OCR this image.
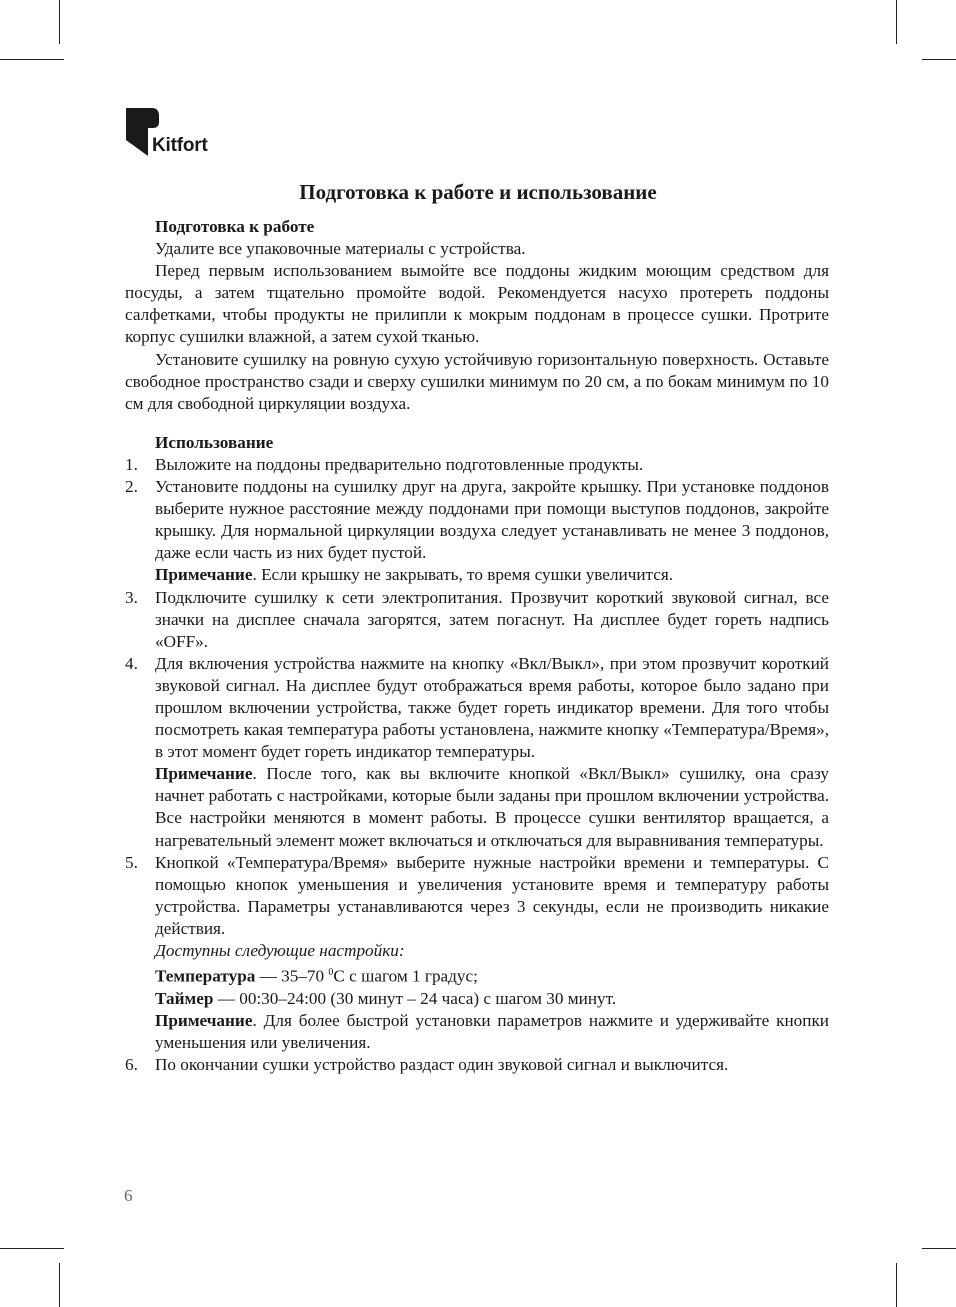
Kitfort
Подготовка к работе и использование

Подготовка к работе

Удалите все упаковочные материалы с устройства.

Перед первым использованием вымойте все поддоны жидким моющим средством для посуды, а затем тщательно промойте водой. Рекомендуется насухо протереть поддоны салфетками, чтобы продукты не прилипли к мокрым поддонам в процессе сушки. Протрите корпус сушилки влажной, а затем сухой тканью.

Установите сушилку на ровную сухую устойчивую горизонтальную поверхность. Оставьте свободное пространство сзади и сверху сушилки минимум по 20 см, а по бокам минимум по 10 см для свободной циркуляции воздуха.

Использование

1. Выложите на поддоны предварительно подготовленные продукты.

2. Установите поддоны на сушилку друг на друга, закройте крышку. При установке поддонов выберите нужное расстояние между поддонами при помощи выступов поддонов, закройте крышку. Для нормальной циркуляции воздуха следует устанавливать не менее 3 поддонов, даже если часть из них будет пустой.

Примечание. Если крышку не закрывать, то время сушки увеличится.

3. Подключите сушилку к сети электропитания. Прозвучит короткий звуковой сигнал, все значки на дисплее сначала загорятся, затем погаснут. На дисплее будет гореть надпись «OFF».

4. Для включения устройства нажмите на кнопку «Вкл/Выкл», при этом прозвучит короткий звуковой сигнал. На дисплее будут отображаться время работы, которое было задано при прошлом включении устройства, также будет гореть индикатор времени. Для того чтобы посмотреть какая температура работы установлена, нажмите кнопку «Температура/Время», в этот момент будет гореть индикатор температуры.

Примечание. После того, как вы включите кнопкой «Вкл/Выкл» сушилку, она сразу начнет работать с настройками, которые были заданы при прошлом включении устройства. Все настройки меняются в момент работы. В процессе сушки вентилятор вращается, а нагревательный элемент может включаться и отключаться для выравнивания температуры.

5. Кнопкой «Температура/Время» выберите нужные настройки времени и температуры. С помощью кнопок уменьшения и увеличения установите время и температуру работы устройства. Параметры устанавливаются через 3 секунды, если не производить никакие действия.

Доступны следующие настройки:

Температура — 35–70 $^0$С с шагом 1 градус;

Таймер — 00:30–24:00 (30 минут – 24 часа) с шагом 30 минут.

Примечание. Для более быстрой установки параметров нажмите и удерживайте кнопки уменьшения или увеличения.

6. По окончании сушки устройство раздаст один звуковой сигнал и выключится.

6
